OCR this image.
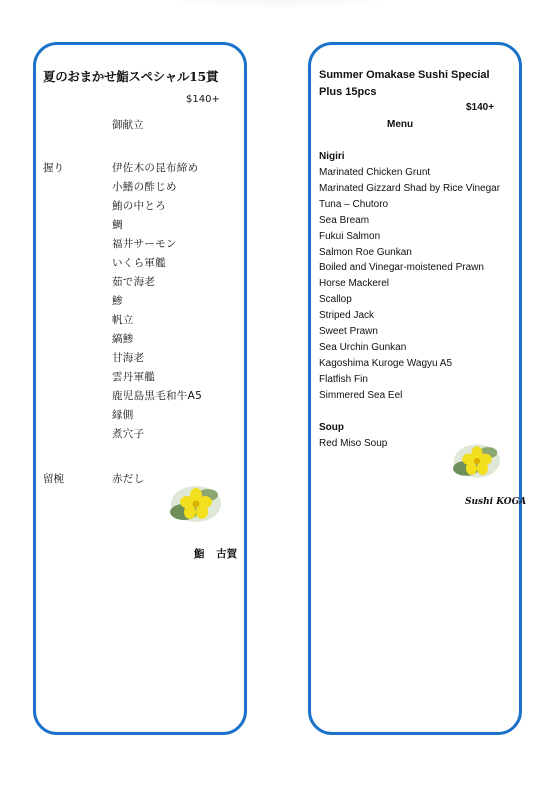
夏のおまかせ鮨スペシャル15貫
$140+
御献立
握り	伊佐木の昆布締め
小鰭の酢じめ
鮪の中とろ
鯛
福井サーモン
いくら軍艦
茹で海老
鯵
帆立
縞鯵
甘海老
雲丹軍艦
鹿児島黒毛和牛A5
縁側
煮穴子
留椀	赤だし
鮨 古賀
Summer Omakase Sushi Special Plus 15pcs
$140+
Menu
Nigiri
Marinated Chicken Grunt
Marinated Gizzard Shad by Rice Vinegar
Tuna – Chutoro
Sea Bream
Fukui Salmon
Salmon Roe Gunkan
Boiled and Vinegar-moistened Prawn
Horse Mackerel
Scallop
Striped Jack
Sweet Prawn
Sea Urchin Gunkan
Kagoshima Kuroge Wagyu A5
Flatfish Fin
Simmered Sea Eel
Soup
Red Miso Soup
Sushi KOGA
